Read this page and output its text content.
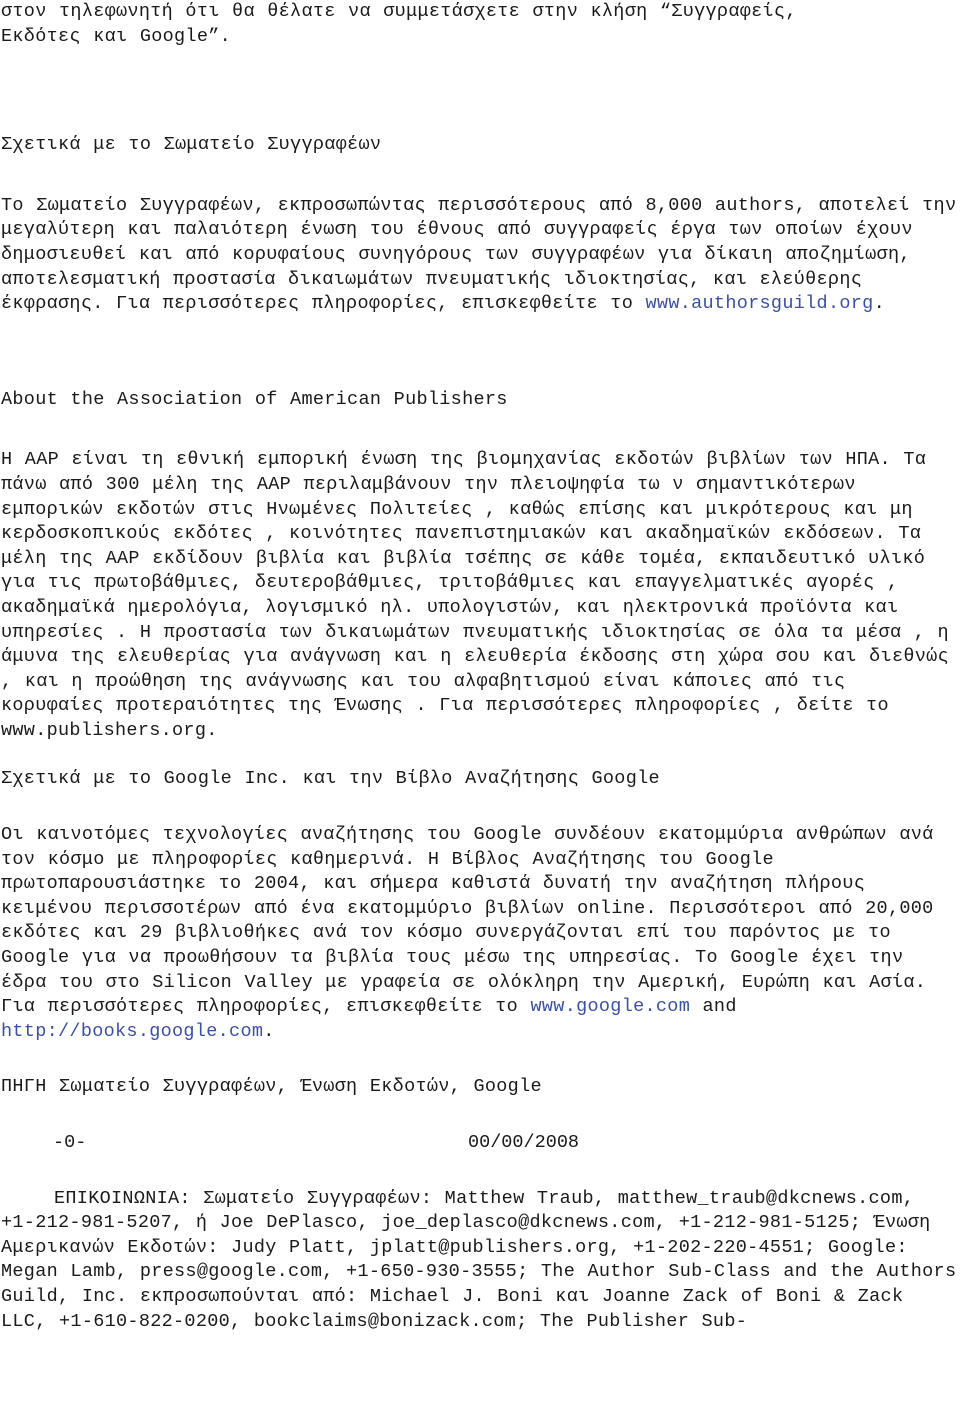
στον τηλεφωνητή ότι θα θέλατε να συμμετάσχετε στην κλήση “Συγγραφείς,
Εκδότες και Google”.

Σχετικά με το Σωματείο Συγγραφέων

Το Σωματείο Συγγραφέων, εκπροσωπώντας περισσότερους από 8,000 authors, αποτελεί την μεγαλύτερη και παλαιότερη ένωση του έθνους από συγγραφείς έργα των οποίων έχουν δημοσιευθεί και από κορυφαίους συνηγόρους των συγγραφέων για δίκαιη αποζημίωση, αποτελεσματική προστασία δικαιωμάτων πνευματικής ιδιοκτησίας, και ελεύθερης έκφρασης. Για περισσότερες πληροφορίες, επισκεφθείτε το www.authorsguild.org.

About the Association of American Publishers

Η AAP είναι τη εθνική εμπορική ένωση της βιομηχανίας εκδοτών βιβλίων των ΗΠΑ. Τα πάνω από 300 μέλη της AAP περιλαμβάνουν την πλειοψηφία τω ν σημαντικότερων εμπορικών εκδοτών στις Ηνωμένες Πολιτείες , καθώς επίσης και μικρότερους και μη κερδοσκοπικούς εκδότες , κοινότητες πανεπιστημιακών και ακαδημαϊκών εκδόσεων. Τα μέλη της AAP εκδίδουν βιβλία και βιβλία τσέπης σε κάθε τομέα, εκπαιδευτικό υλικό για τις πρωτοβάθμιες, δευτεροβάθμιες, τριτοβάθμιες και επαγγελματικές αγορές , ακαδημαϊκά ημερολόγια, λογισμικό ηλ. υπολογιστών, και ηλεκτρονικά προϊόντα και υπηρεσίες . Η προστασία των δικαιωμάτων πνευματικής ιδιοκτησίας σε όλα τα μέσα , η άμυνα της ελευθερίας για ανάγνωση και η ελευθερία έκδοσης στη χώρα σου και διεθνώς , και η προώθηση της ανάγνωσης και του αλφαβητισμού είναι κάποιες από τις κορυφαίες προτεραιότητες της Ένωσης . Για περισσότερες πληροφορίες , δείτε το www.publishers.org.

Σχετικά με το Google Inc. και την Βίβλο Αναζήτησης Google

Οι καινοτόμες τεχνολογίες αναζήτησης του Google συνδέουν εκατομμύρια ανθρώπων ανά τον κόσμο με πληροφορίες καθημερινά. Η Βίβλος Αναζήτησης του Google πρωτοπαρουσιάστηκε το 2004, και σήμερα καθιστά δυνατή την αναζήτηση πλήρους κειμένου περισσοτέρων από ένα εκατομμύριο βιβλίων online. Περισσότεροι από 20,000 εκδότες και 29 βιβλιοθήκες ανά τον κόσμο συνεργάζονται επί του παρόντος με το Google για να προωθήσουν τα βιβλία τους μέσω της υπηρεσίας. Το Google έχει την έδρα του στο Silicon Valley με γραφεία σε ολόκληρη την Αμερική, Ευρώπη και Ασία. Για περισσότερες πληροφορίες, επισκεφθείτε το www.google.com and http://books.google.com.

ΠΗΓΗ Σωματείο Συγγραφέων, Ένωση Εκδοτών, Google

-0-	00/00/2008

ΕΠΙΚΟΙΝΩΝΙΑ: Σωματείο Συγγραφέων: Matthew Traub, matthew_traub@dkcnews.com, +1-212-981-5207, ή Joe DePlasco, joe_deplasco@dkcnews.com, +1-212-981-5125; Ένωση Αμερικανών Εκδοτών: Judy Platt, jplatt@publishers.org, +1-202-220-4551; Google: Megan Lamb, press@google.com, +1-650-930-3555; The Author Sub-Class and the Authors Guild, Inc. εκπροσωπούνται από: Michael J. Boni και Joanne Zack of Boni & Zack LLC, +1-610-822-0200, bookclaims@bonizack.com; The Publisher Sub-
